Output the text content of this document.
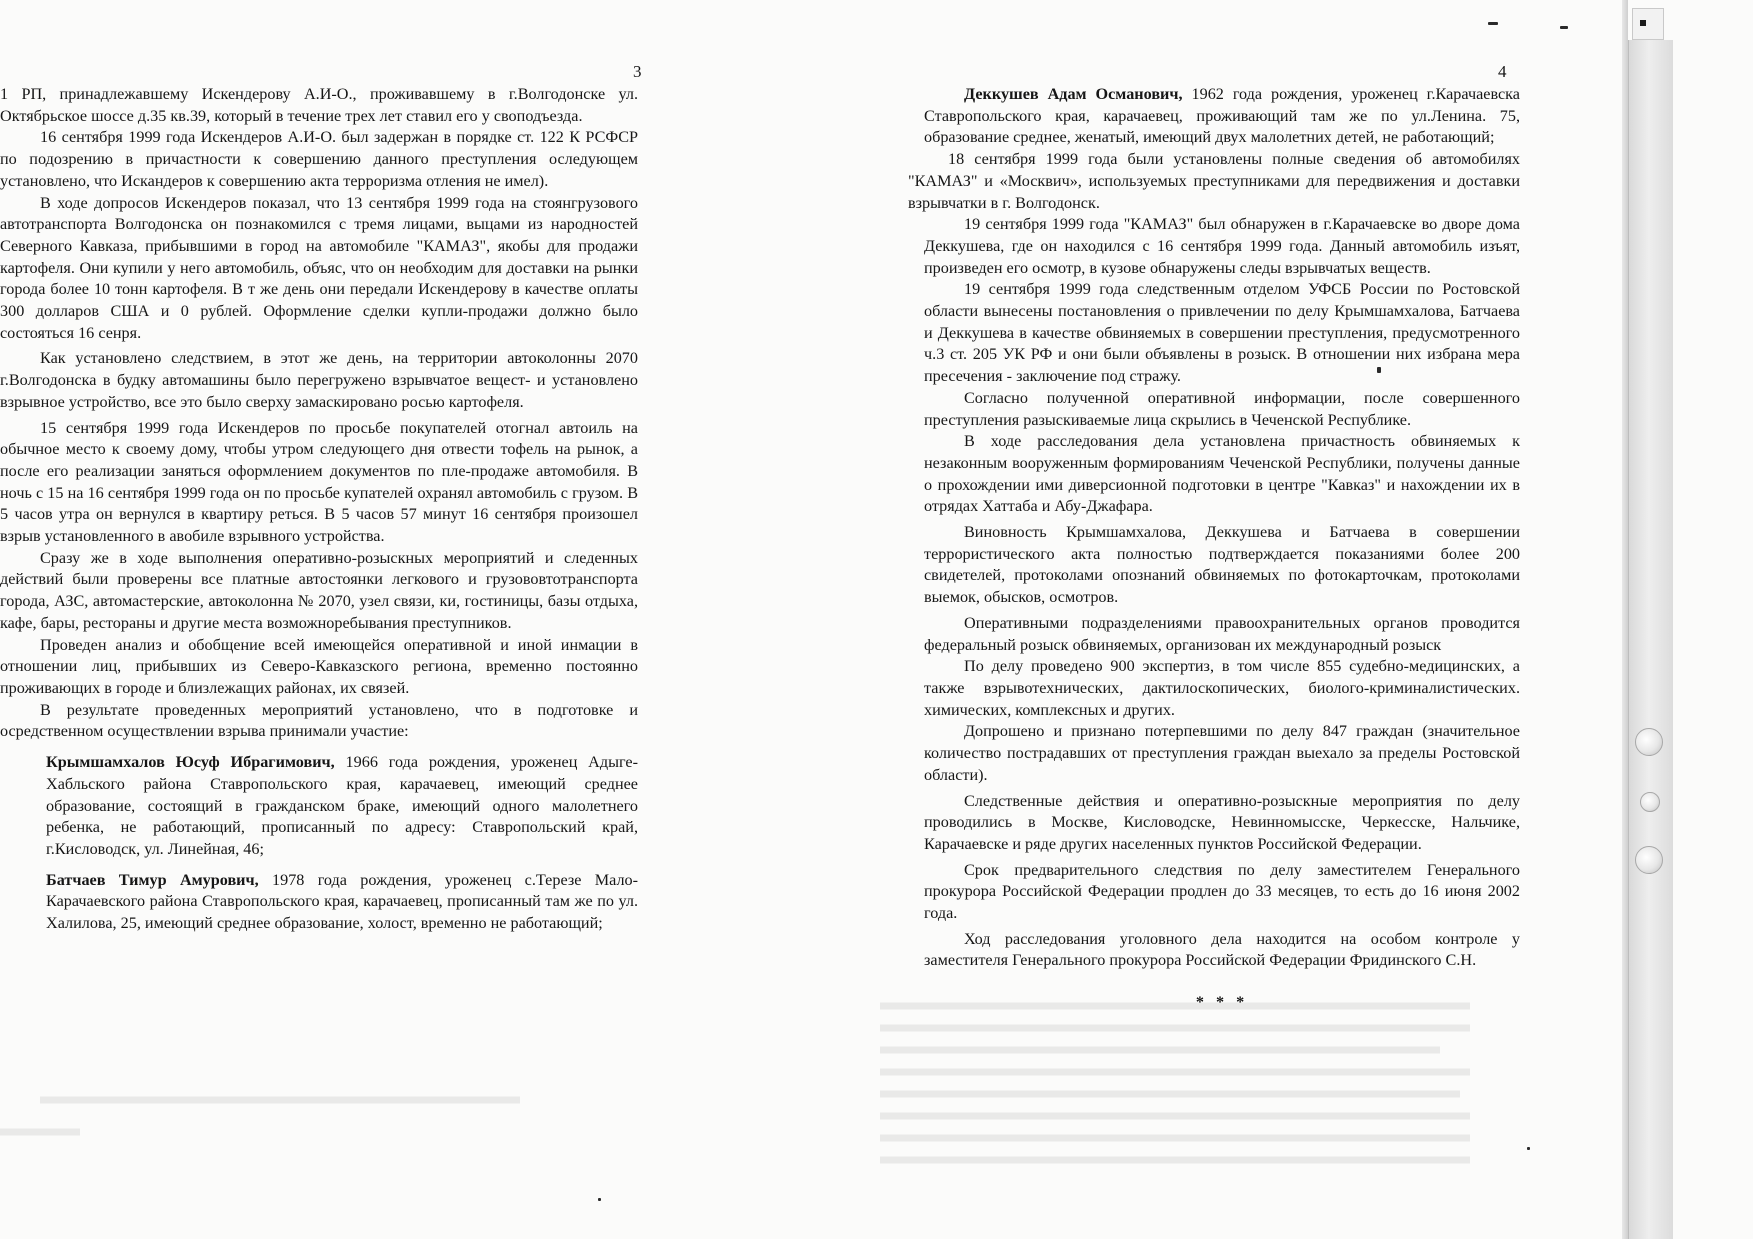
3

1 РП, принадлежавшему Искендерову А.И-О., проживавшему в г.Волгодонске ул. Октябрьское шоссе д.35 кв.39, который в течение трех лет ставил его у своподъезда.

16 сентября 1999 года Искендеров А.И-О. был задержан в порядке ст. 122 К РСФСР по подозрению в причастности к совершению данного преступления оследующем установлено, что Искандеров к совершению акта терроризма отления не имел).

В ходе допросов Искендеров показал, что 13 сентября 1999 года на стоянгрузового автотранспорта Волгодонска он познакомился с тремя лицами, выцами из народностей Северного Кавказа, прибывшими в город на автомобиле "КАМАЗ", якобы для продажи картофеля. Они купили у него автомобиль, объяс, что он необходим для доставки на рынки города более 10 тонн картофеля. В т же день они передали Искендерову в качестве оплаты 300 долларов США и 0 рублей. Оформление сделки купли-продажи должно было состояться 16 сенря.

Как установлено следствием, в этот же день, на территории автоколонны 2070 г.Волгодонска в будку автомашины было перегружено взрывчатое вещест- и установлено взрывное устройство, все это было сверху замаскировано росью картофеля.

15 сентября 1999 года Искендеров по просьбе покупателей отогнал автоиль на обычное место к своему дому, чтобы утром следующего дня отвести тофель на рынок, а после его реализации заняться оформлением документов по пле-продаже автомобиля. В ночь с 15 на 16 сентября 1999 года он по просьбе купателей охранял автомобиль с грузом. В 5 часов утра он вернулся в квартиру реться. В 5 часов 57 минут 16 сентября произошел взрыв установленного в авобиле взрывного устройства.

Сразу же в ходе выполнения оперативно-розыскных мероприятий и следенных действий были проверены все платные автостоянки легкового и грузововтотранспорта города, АЗС, автомастерские, автоколонна № 2070, узел связи, ки, гостиницы, базы отдыха, кафе, бары, рестораны и другие места возможноребывания преступников.

Проведен анализ и обобщение всей имеющейся оперативной и иной инмации в отношении лиц, прибывших из Северо-Кавказского региона, временно постоянно проживающих в городе и близлежащих районах, их связей.

В результате проведенных мероприятий установлено, что в подготовке и осредственном осуществлении взрыва принимали участие:

Крымшамхалов Юсуф Ибрагимович, 1966 года рождения, уроженец Адыге-Хабльского района Ставропольского края, карачаевец, имеющий среднее образование, состоящий в гражданском браке, имеющий одного малолетнего ребенка, не работающий, прописанный по адресу: Ставропольский край, г.Кисловодск, ул. Линейная, 46;

Батчаев Тимур Амурович, 1978 года рождения, уроженец с.Терезе Мало-Карачаевского района Ставропольского края, карачаевец, прописанный там же по ул. Халилова, 25, имеющий среднее образование, холост, временно не работающий;

4

Деккушев Адам Османович, 1962 года рождения, уроженец г.Карачаевска Ставропольского края, карачаевец, проживающий там же по ул.Ленина. 75, образование среднее, женатый, имеющий двух малолетних детей, не работающий;

18 сентября 1999 года были установлены полные сведения об автомобилях "КАМАЗ" и «Москвич», используемых преступниками для передвижения и доставки взрывчатки в г. Волгодонск.

19 сентября 1999 года "КАМАЗ" был обнаружен в г.Карачаевске во дворе дома Деккушева, где он находился с 16 сентября 1999 года. Данный автомобиль изъят, произведен его осмотр, в кузове обнаружены следы взрывчатых веществ.

19 сентября 1999 года следственным отделом УФСБ России по Ростовской области вынесены постановления о привлечении по делу Крымшамхалова, Батчаева и Деккушева в качестве обвиняемых в совершении преступления, предусмотренного ч.3 ст. 205 УК РФ и они были объявлены в розыск. В отношении них избрана мера пресечения - заключение под стражу.

Согласно полученной оперативной информации, после совершенного преступления разыскиваемые лица скрылись в Чеченской Республике.

В ходе расследования дела установлена причастность обвиняемых к незаконным вооруженным формированиям Чеченской Республики, получены данные о прохождении ими диверсионной подготовки в центре "Кавказ" и нахождении их в отрядах Хаттаба и Абу-Джафара.

Виновность Крымшамхалова, Деккушева и Батчаева в совершении террористического акта полностью подтверждается показаниями более 200 свидетелей, протоколами опознаний обвиняемых по фотокарточкам, протоколами выемок, обысков, осмотров.

Оперативными подразделениями правоохранительных органов проводится федеральный розыск обвиняемых, организован их международный розыск

По делу проведено 900 экспертиз, в том числе 855 судебно-медицинских, а также взрывотехнических, дактилоскопических, биолого-криминалистических. химических, комплексных и других.

Допрошено и признано потерпевшими по делу 847 граждан (значительное количество пострадавших от преступления граждан выехало за пределы Ростовской области).

Следственные действия и оперативно-розыскные мероприятия по делу проводились в Москве, Кисловодске, Невинномысске, Черкесске, Нальчике, Карачаевске и ряде других населенных пунктов Российской Федерации.

Срок предварительного следствия по делу заместителем Генерального прокурора Российской Федерации продлен до 33 месяцев, то есть до 16 июня 2002 года.

Ход расследования уголовного дела находится на особом контроле у заместителя Генерального прокурора Российской Федерации Фридинского С.Н.

* * *
